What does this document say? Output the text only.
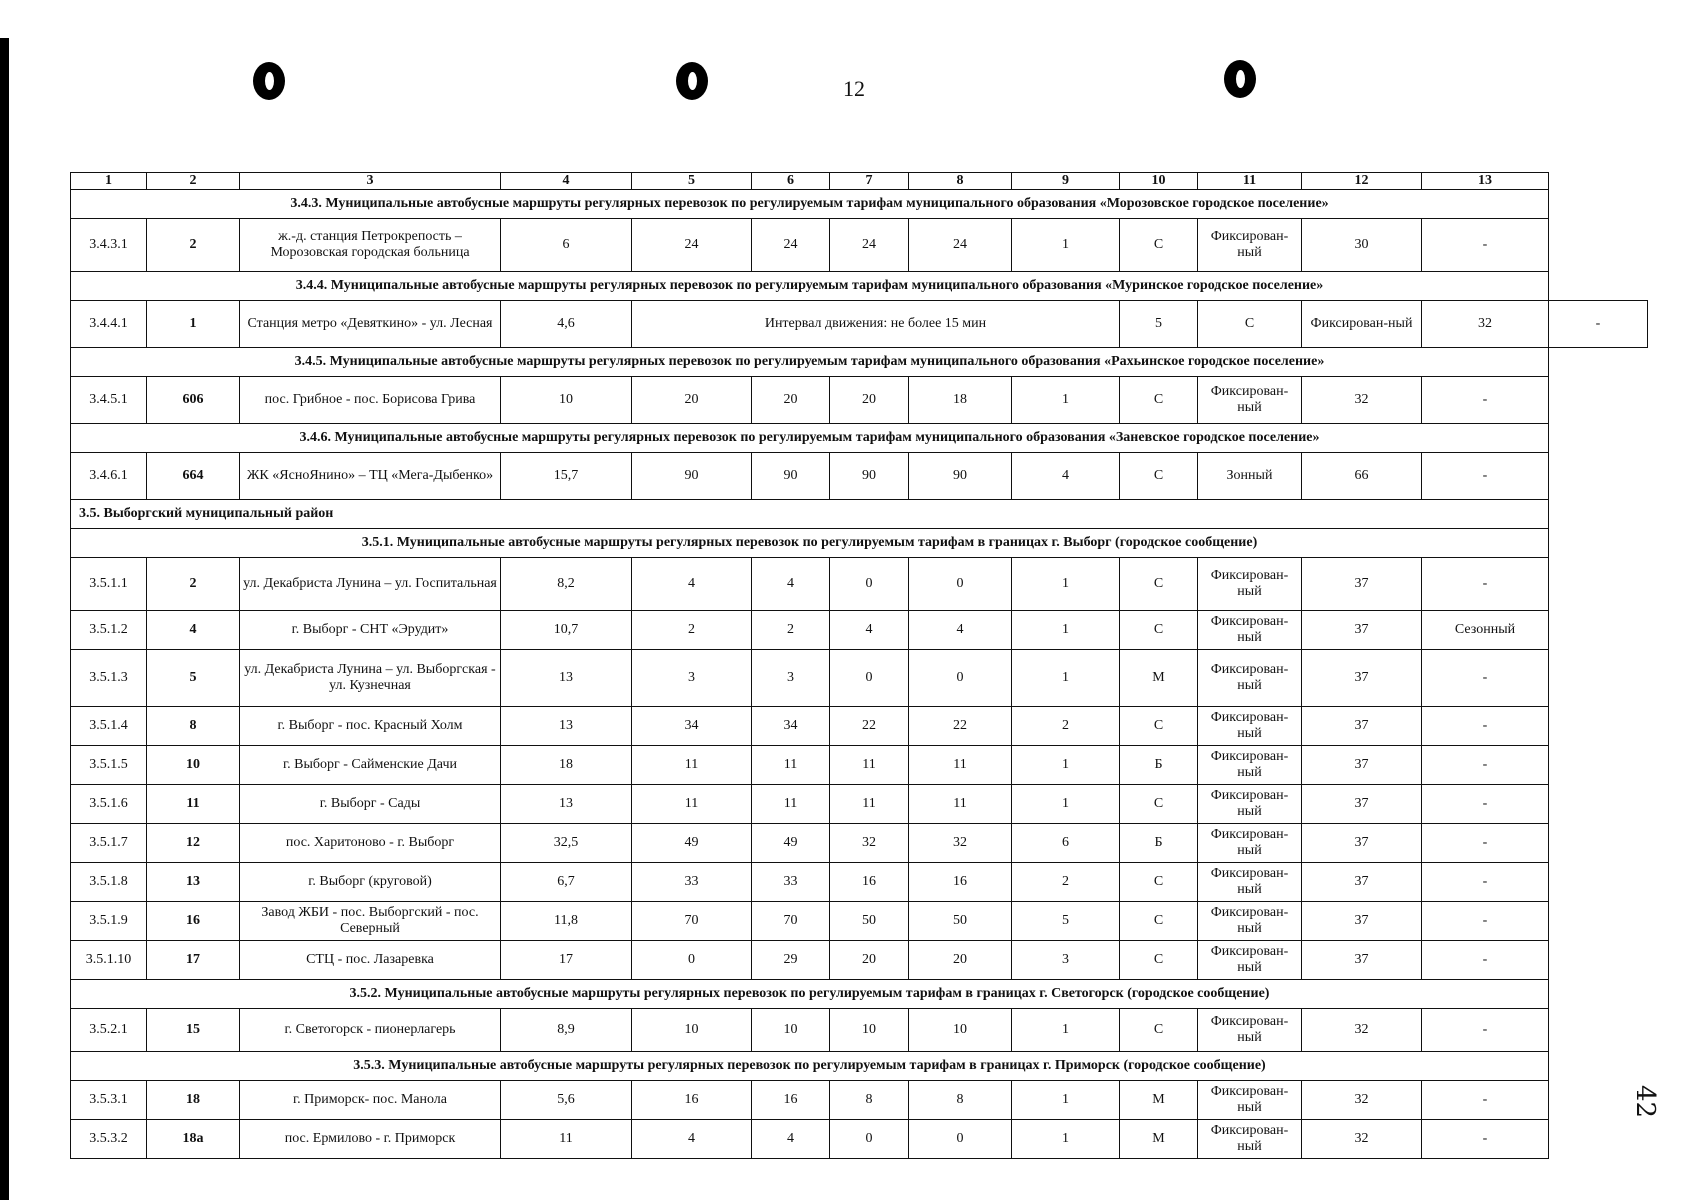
12
42
1	2	3	4	5	6	7	8	9	10	11	12	13	
3.4.3. Муниципальные автобусные маршруты регулярных перевозок по регулируемым тарифам муниципального образования «Морозовское городское поселение»													
3.4.3.1	2	ж.-д. станция Петрокрепость – Морозовская городская больница	6	24	24	24	24	1	С	Фиксирован-ный	30	-	
3.4.4. Муниципальные автобусные маршруты регулярных перевозок по регулируемым тарифам муниципального образования «Муринское городское поселение»													
3.4.4.1	1	Станция метро «Девяткино» - ул. Лесная	4,6	Интервал движения: не более 15 мин					5	С	Фиксирован-ный	32	-
3.4.5. Муниципальные автобусные маршруты регулярных перевозок по регулируемым тарифам муниципального образования «Рахьинское городское поселение»													
3.4.5.1	606	пос. Грибное - пос. Борисова Грива	10	20	20	20	18	1	С	Фиксирован-ный	32	-	
3.4.6. Муниципальные автобусные маршруты регулярных перевозок по регулируемым тарифам муниципального образования «Заневское городское поселение»													
3.4.6.1	664	ЖК «ЯсноЯнино» – ТЦ «Мега-Дыбенко»	15,7	90	90	90	90	4	С	Зонный	66	-	
3.5. Выборгский муниципальный район													
3.5.1. Муниципальные автобусные маршруты регулярных перевозок по регулируемым тарифам в границах г. Выборг (городское сообщение)													
3.5.1.1	2	ул. Декабриста Лунина – ул. Госпитальная	8,2	4	4	0	0	1	С	Фиксирован-ный	37	-	
3.5.1.2	4	г. Выборг - СНТ «Эрудит»	10,7	2	2	4	4	1	С	Фиксирован-ный	37	Сезонный	
3.5.1.3	5	ул. Декабриста Лунина – ул. Выборгская - ул. Кузнечная	13	3	3	0	0	1	М	Фиксирован-ный	37	-	
3.5.1.4	8	г. Выборг - пос. Красный Холм	13	34	34	22	22	2	С	Фиксирован-ный	37	-	
3.5.1.5	10	г. Выборг - Сайменские Дачи	18	11	11	11	11	1	Б	Фиксирован-ный	37	-	
3.5.1.6	11	г. Выборг - Сады	13	11	11	11	11	1	С	Фиксирован-ный	37	-	
3.5.1.7	12	пос. Харитоново - г. Выборг	32,5	49	49	32	32	6	Б	Фиксирован-ный	37	-	
3.5.1.8	13	г. Выборг (круговой)	6,7	33	33	16	16	2	С	Фиксирован-ный	37	-	
3.5.1.9	16	Завод ЖБИ - пос. Выборгский - пос. Северный	11,8	70	70	50	50	5	С	Фиксирован-ный	37	-	
3.5.1.10	17	СТЦ - пос. Лазаревка	17	0	29	20	20	3	С	Фиксирован-ный	37	-	
3.5.2. Муниципальные автобусные маршруты регулярных перевозок по регулируемым тарифам в границах г. Светогорск (городское сообщение)													
3.5.2.1	15	г. Светогорск - пионерлагерь	8,9	10	10	10	10	1	С	Фиксирован-ный	32	-	
3.5.3. Муниципальные автобусные маршруты регулярных перевозок по регулируемым тарифам в границах г. Приморск (городское сообщение)													
3.5.3.1	18	г. Приморск- пос. Манола	5,6	16	16	8	8	1	М	Фиксирован-ный	32	-	
3.5.3.2	18а	пос. Ермилово - г. Приморск	11	4	4	0	0	1	М	Фиксирован-ный	32	-	
